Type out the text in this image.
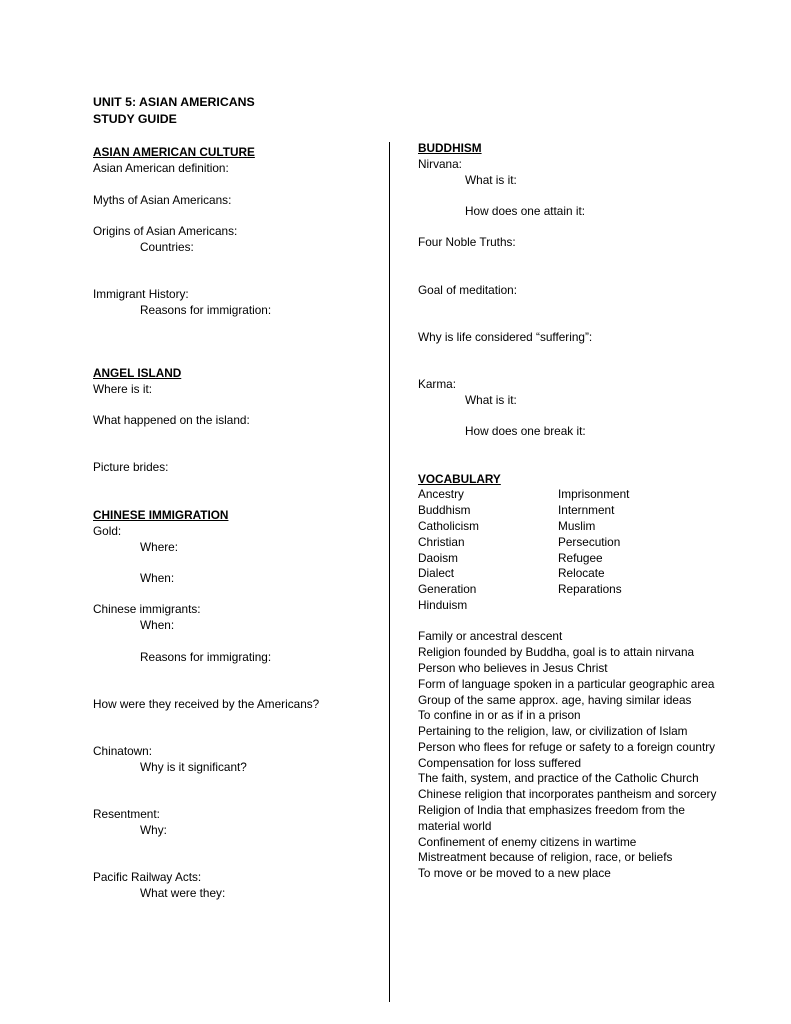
UNIT 5: ASIAN AMERICANS
STUDY GUIDE
ASIAN AMERICAN CULTURE
Asian American definition:
Myths of Asian Americans:
Origins of Asian Americans:
Countries:
Immigrant History:
Reasons for immigration:
ANGEL ISLAND
Where is it:
What happened on the island:
Picture brides:
CHINESE IMMIGRATION
Gold:
Where:
When:
Chinese immigrants:
When:
Reasons for immigrating:
How were they received by the Americans?
Chinatown:
Why is it significant?
Resentment:
Why:
Pacific Railway Acts:
What were they:
BUDDHISM
Nirvana:
What is it:
How does one attain it:
Four Noble Truths:
Goal of meditation:
Why is life considered “suffering”:
Karma:
What is it:
How does one break it:
VOCABULARY
Ancestry
Buddhism
Catholicism
Christian
Daoism
Dialect
Generation
Hinduism
Imprisonment
Internment
Muslim
Persecution
Refugee
Relocate
Reparations
Family or ancestral descent
Religion founded by Buddha, goal is to attain nirvana
Person who believes in Jesus Christ
Form of language spoken in a particular geographic area
Group of the same approx. age, having similar ideas
To confine in or as if in a prison
Pertaining to the religion, law, or civilization of Islam
Person who flees for refuge or safety to a foreign country
Compensation for loss suffered
The faith, system, and practice of the Catholic Church
Chinese religion that incorporates pantheism and sorcery
Religion of India that emphasizes freedom from the
material world
Confinement of enemy citizens in wartime
Mistreatment because of religion, race, or beliefs
To move or be moved to a new place
